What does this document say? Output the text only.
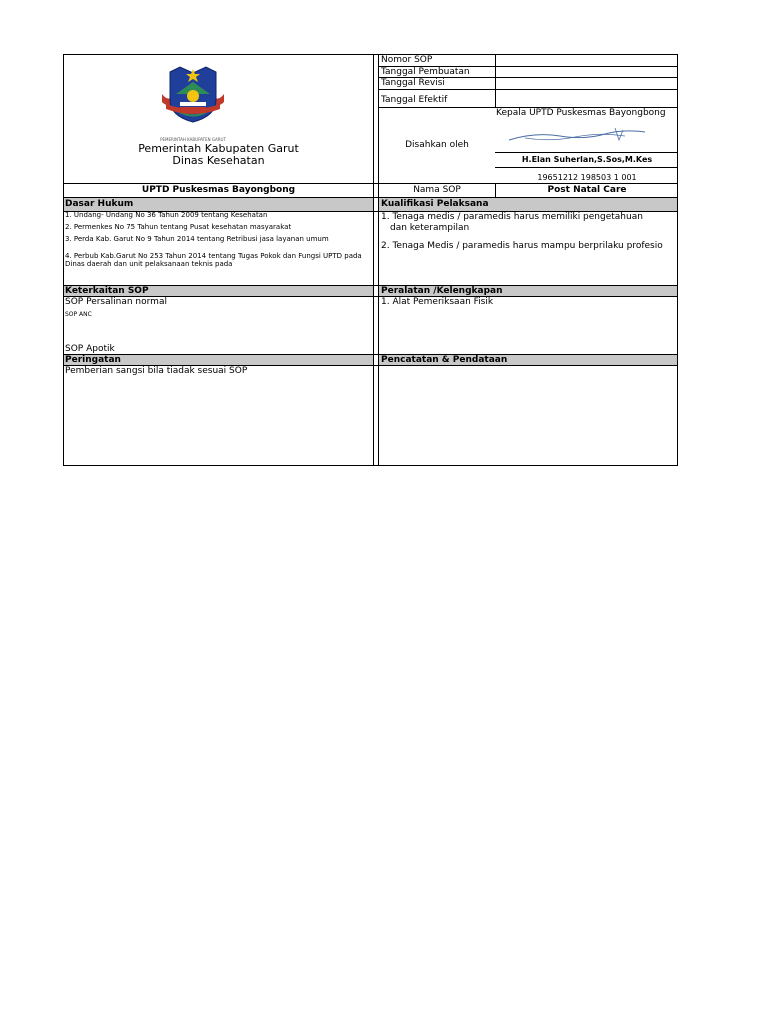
PEMERINTAH KABUPATEN GARUT
Pemerintah Kabupaten Garut
Dinas Kesehatan
Nomor SOP
Tanggal Pembuatan
Tanggal Revisi
Tanggal Efektif
Disahkan oleh
Kepala UPTD Puskesmas Bayongbong
H.Elan Suherlan,S.Sos,M.Kes
19651212 198503 1 001
UPTD Puskesmas Bayongbong	Nama SOP	Post Natal Care
Dasar Hukum
1. Undang- Undang No 36 Tahun 2009 tentang Kesehatan
2. Permenkes No 75 Tahun tentang Pusat kesehatan masyarakat
3. Perda Kab. Garut No 9 Tahun 2014 tentang Retribusi jasa layanan umum
4. Perbub Kab.Garut No 253 Tahun 2014 tentang Tugas Pokok dan Fungsi UPTD pada Dinas daerah dan unit pelaksanaan teknis pada
Kualifikasi Pelaksana
1. Tenaga medis / paramedis harus memiliki pengetahuan
dan keterampilan
2. Tenaga Medis / paramedis harus mampu berprilaku profesio
Keterkaitan SOP
SOP Persalinan normal
SOP ANC
SOP Apotik
Peralatan /Kelengkapan
1. Alat Pemeriksaan Fisik
Peringatan
Pemberian sangsi bila tiadak sesuai SOP
Pencatatan & Pendataan
